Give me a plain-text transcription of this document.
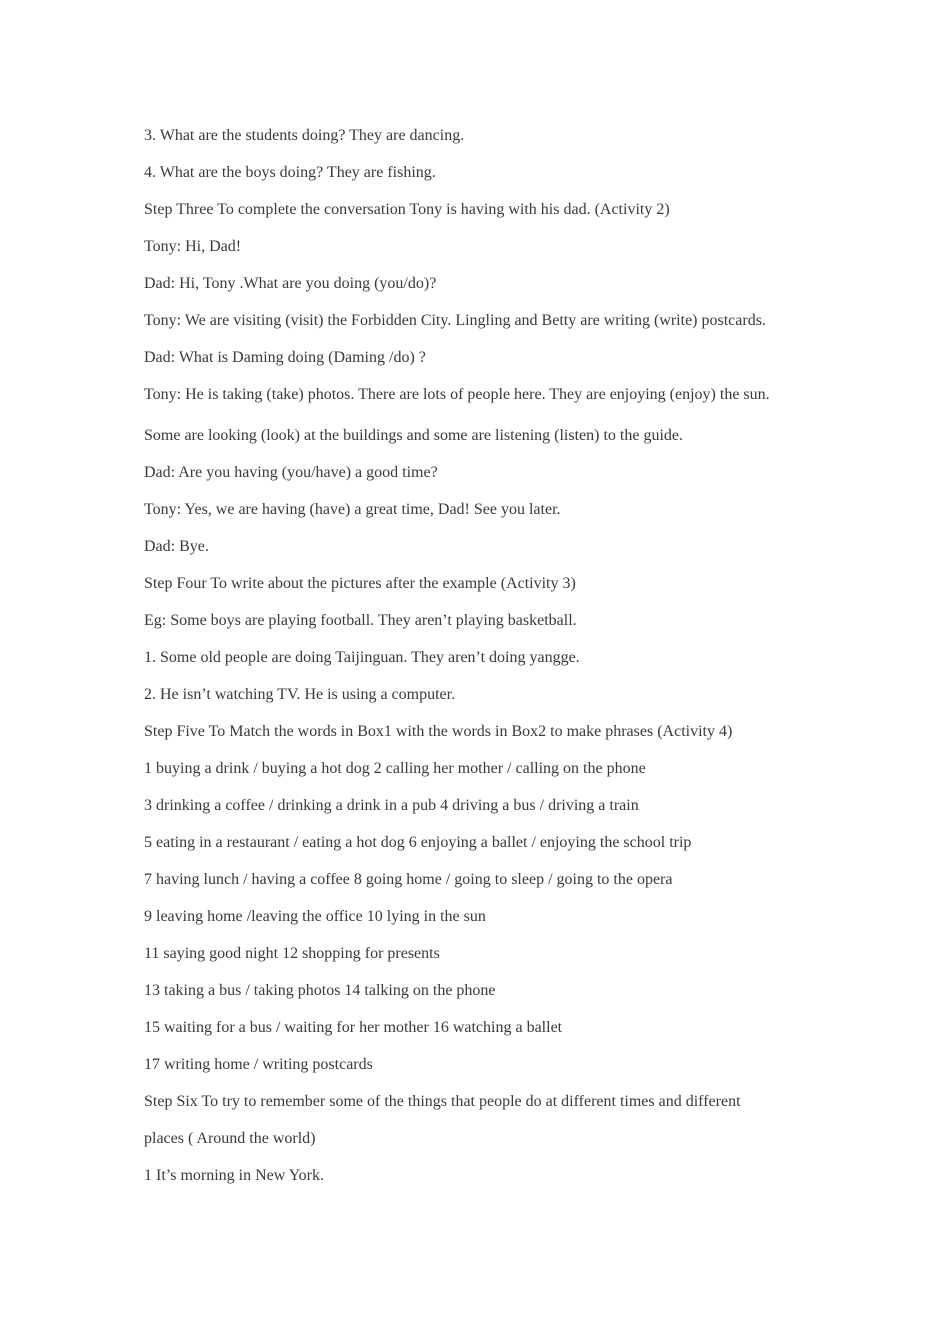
3. What are the students doing? They are dancing.
4. What are the boys doing? They are fishing.
Step Three To complete the conversation Tony is having with his dad. (Activity 2)
Tony: Hi, Dad!
Dad: Hi, Tony .What are you doing (you/do)?
Tony: We are visiting (visit) the Forbidden City. Lingling and Betty are writing (write) postcards.
Dad: What is Daming doing (Daming /do) ?
Tony: He is taking (take) photos. There are lots of people here. They are enjoying (enjoy) the sun.
Some are looking (look) at the buildings and some are listening (listen) to the guide.
Dad: Are you having (you/have) a good time?
Tony: Yes, we are having (have) a great time, Dad! See you later.
Dad: Bye.
Step Four To write about the pictures after the example (Activity 3)
Eg: Some boys are playing football. They aren’t playing basketball.
1. Some old people are doing Taijinguan. They aren’t doing yangge.
2. He isn’t watching TV. He is using a computer.
Step Five To Match the words in Box1 with the words in Box2 to make phrases (Activity 4)
1 buying a drink / buying a hot dog 2 calling her mother / calling on the phone
3 drinking a coffee / drinking a drink in a pub 4 driving a bus / driving a train
5 eating in a restaurant / eating a hot dog 6 enjoying a ballet / enjoying the school trip
7 having lunch / having a coffee 8 going home / going to sleep / going to the opera
9 leaving home /leaving the office 10 lying in the sun
11 saying good night 12 shopping for presents
13 taking a bus / taking photos 14 talking on the phone
15 waiting for a bus / waiting for her mother 16 watching a ballet
17 writing home / writing postcards
Step Six To try to remember some of the things that people do at different times and different
places ( Around the world)
1 It’s morning in New York.
